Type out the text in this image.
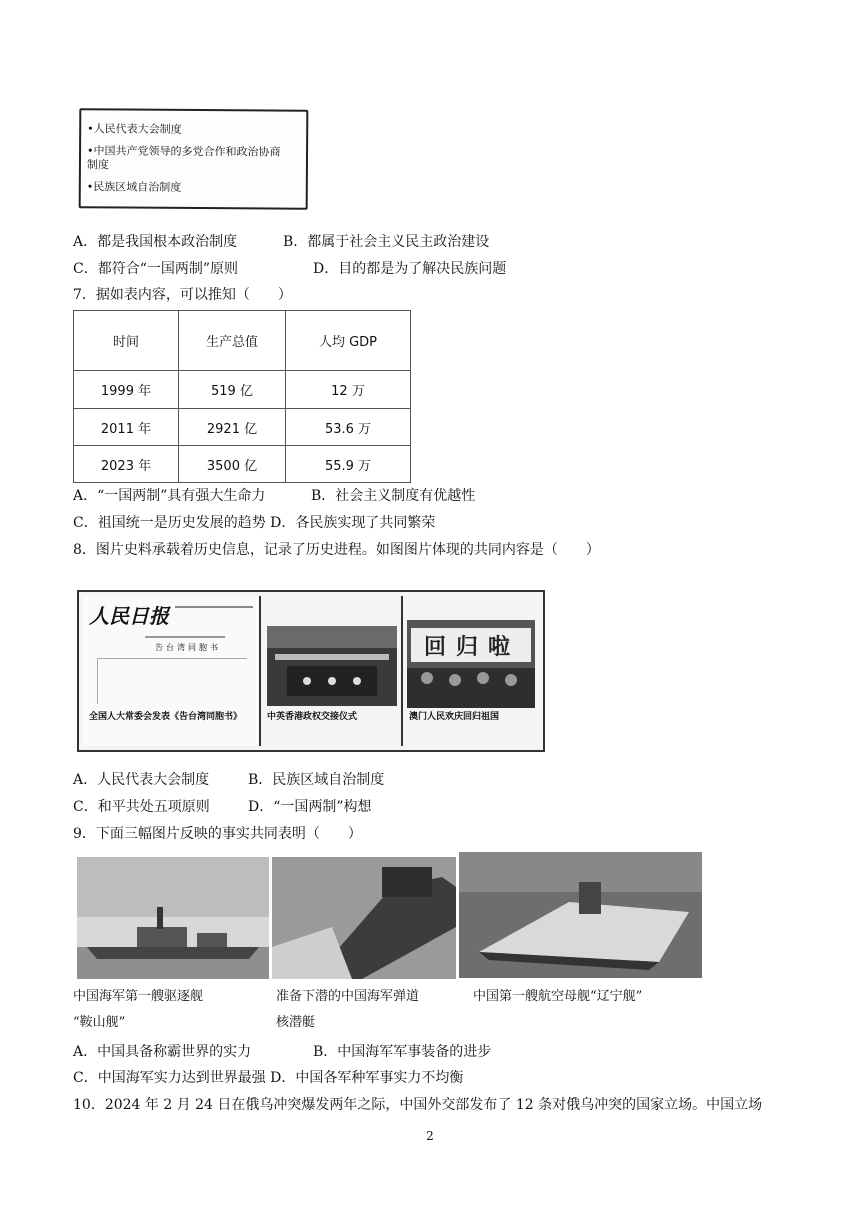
•人民代表大会制度
•中国共产党领导的多党合作和政治协商
制度
•民族区域自治制度
A．都是我国根本政治制度	B．都属于社会主义民主政治建设
C．都符合“一国两制”原则	D．目的都是为了解决民族问题
7．据如表内容，可以推知（　　）
时间	生产总值	人均 GDP
1999 年	519 亿	12 万
2011 年	2921 亿	53.6 万
2023 年	3500 亿	55.9 万
A．“一国两制”具有强大生命力	B．社会主义制度有优越性
C．祖国统一是历史发展的趋势 D．各民族实现了共同繁荣
8．图片史料承载着历史信息，记录了历史进程。如图图片体现的共同内容是（　　）
人民日报
告台湾同胞书
全国人大常委会发表《告台湾同胞书》	中英香港政权交接仪式
回归啦
澳门人民欢庆回归祖国
A．人民代表大会制度	B．民族区域自治制度
C．和平共处五项原则	D．“一国两制”构想
9．下面三幅图片反映的事实共同表明（　　）
中国海军第一艘驱逐舰
“鞍山舰”
准备下潜的中国海军弹道
核潜艇
中国第一艘航空母舰“辽宁舰”
A．中国具备称霸世界的实力	B．中国海军军事装备的进步
C．中国海军实力达到世界最强 D．中国各军种军事实力不均衡
10．2024 年 2 月 24 日在俄乌冲突爆发两年之际，中国外交部发布了 12 条对俄乌冲突的国家立场。中国立场
2
